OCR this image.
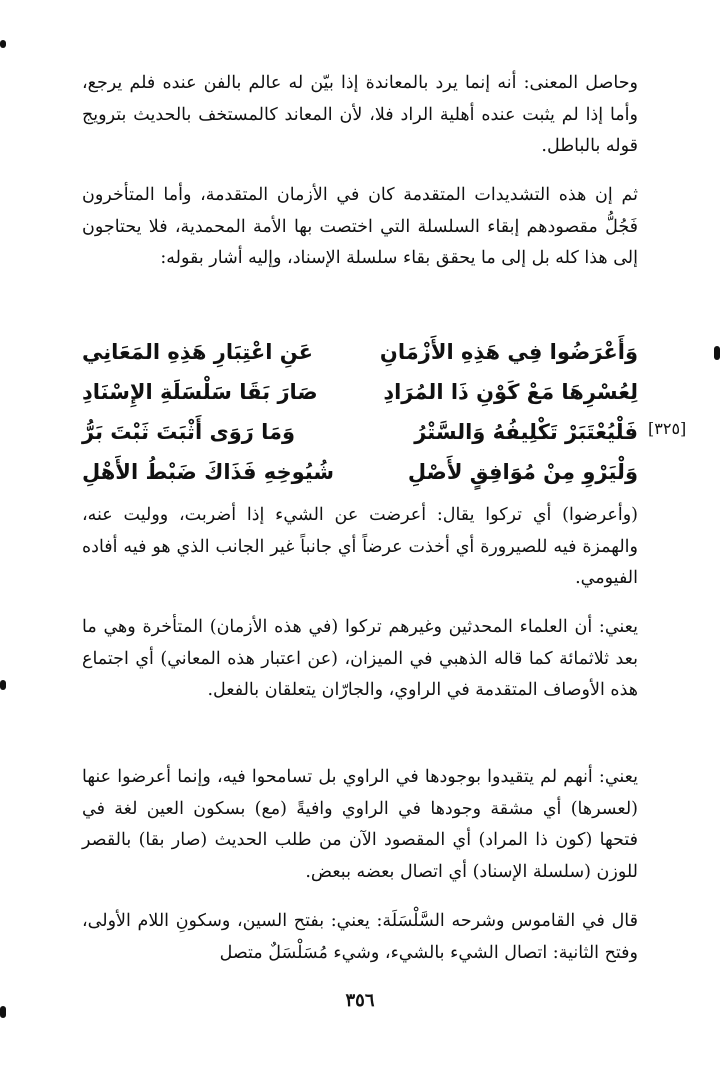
وحاصل المعنى: أنه إنما يرد بالمعاندة إذا بيّن له عالم بالفن عنده فلم يرجع، وأما إذا لم يثبت عنده أهلية الراد فلا، لأن المعاند كالمستخف بالحديث بترويج قوله بالباطل.

ثم إن هذه التشديدات المتقدمة كان في الأزمان المتقدمة، وأما المتأخرون فَجُلُّ مقصودهم إبقاء السلسلة التي اختصت بها الأمة المحمدية، فلا يحتاجون إلى هذا كله بل إلى ما يحقق بقاء سلسلة الإسناد، وإليه أشار بقوله:

وَأَعْرَضُوا فِي هَذِهِ الأَزْمَانِ
عَنِ اعْتِبَارِ هَذِهِ المَعَانِي
لِعُسْرِهَا مَعْ كَوْنِ ذَا المُرَادِ
صَارَ بَقَا سَلْسَلَةِ الإِسْنَادِ
فَلْيُعْتَبَرْ تَكْلِيفُهُ وَالسَّتْرُ
وَمَا رَوَى أَثْبَتَ ثَبْتَ بَرُّ
وَلْيَرْوِ مِنْ مُوَافِقٍ لأَصْلِ
شُيُوخِهِ فَذَاكَ ضَبْطُ الأَهْلِ
[٣٢٥]

(وأعرضوا) أي تركوا يقال: أعرضت عن الشيء إذا أضربت، ووليت عنه، والهمزة فيه للصيرورة أي أخذت عرضاً أي جانباً غير الجانب الذي هو فيه أفاده الفيومي.

يعني: أن العلماء المحدثين وغيرهم تركوا (في هذه الأزمان) المتأخرة وهي ما بعد ثلاثمائة كما قاله الذهبي في الميزان، (عن اعتبار هذه المعاني) أي اجتماع هذه الأوصاف المتقدمة في الراوي، والجارّان يتعلقان بالفعل.

يعني: أنهم لم يتقيدوا بوجودها في الراوي بل تسامحوا فيه، وإنما أعرضوا عنها (لعسرها) أي مشقة وجودها في الراوي وافيةً (مع) بسكون العين لغة في فتحها (كون ذا المراد) أي المقصود الآن من طلب الحديث (صار بقا) بالقصر للوزن (سلسلة الإسناد) أي اتصال بعضه ببعض.

قال في القاموس وشرحه السَّلْسَلَة: يعني: بفتح السين، وسكونِ اللام الأولى، وفتح الثانية: اتصال الشيء بالشيء، وشيء مُسَلْسَلٌ متصل

٣٥٦
